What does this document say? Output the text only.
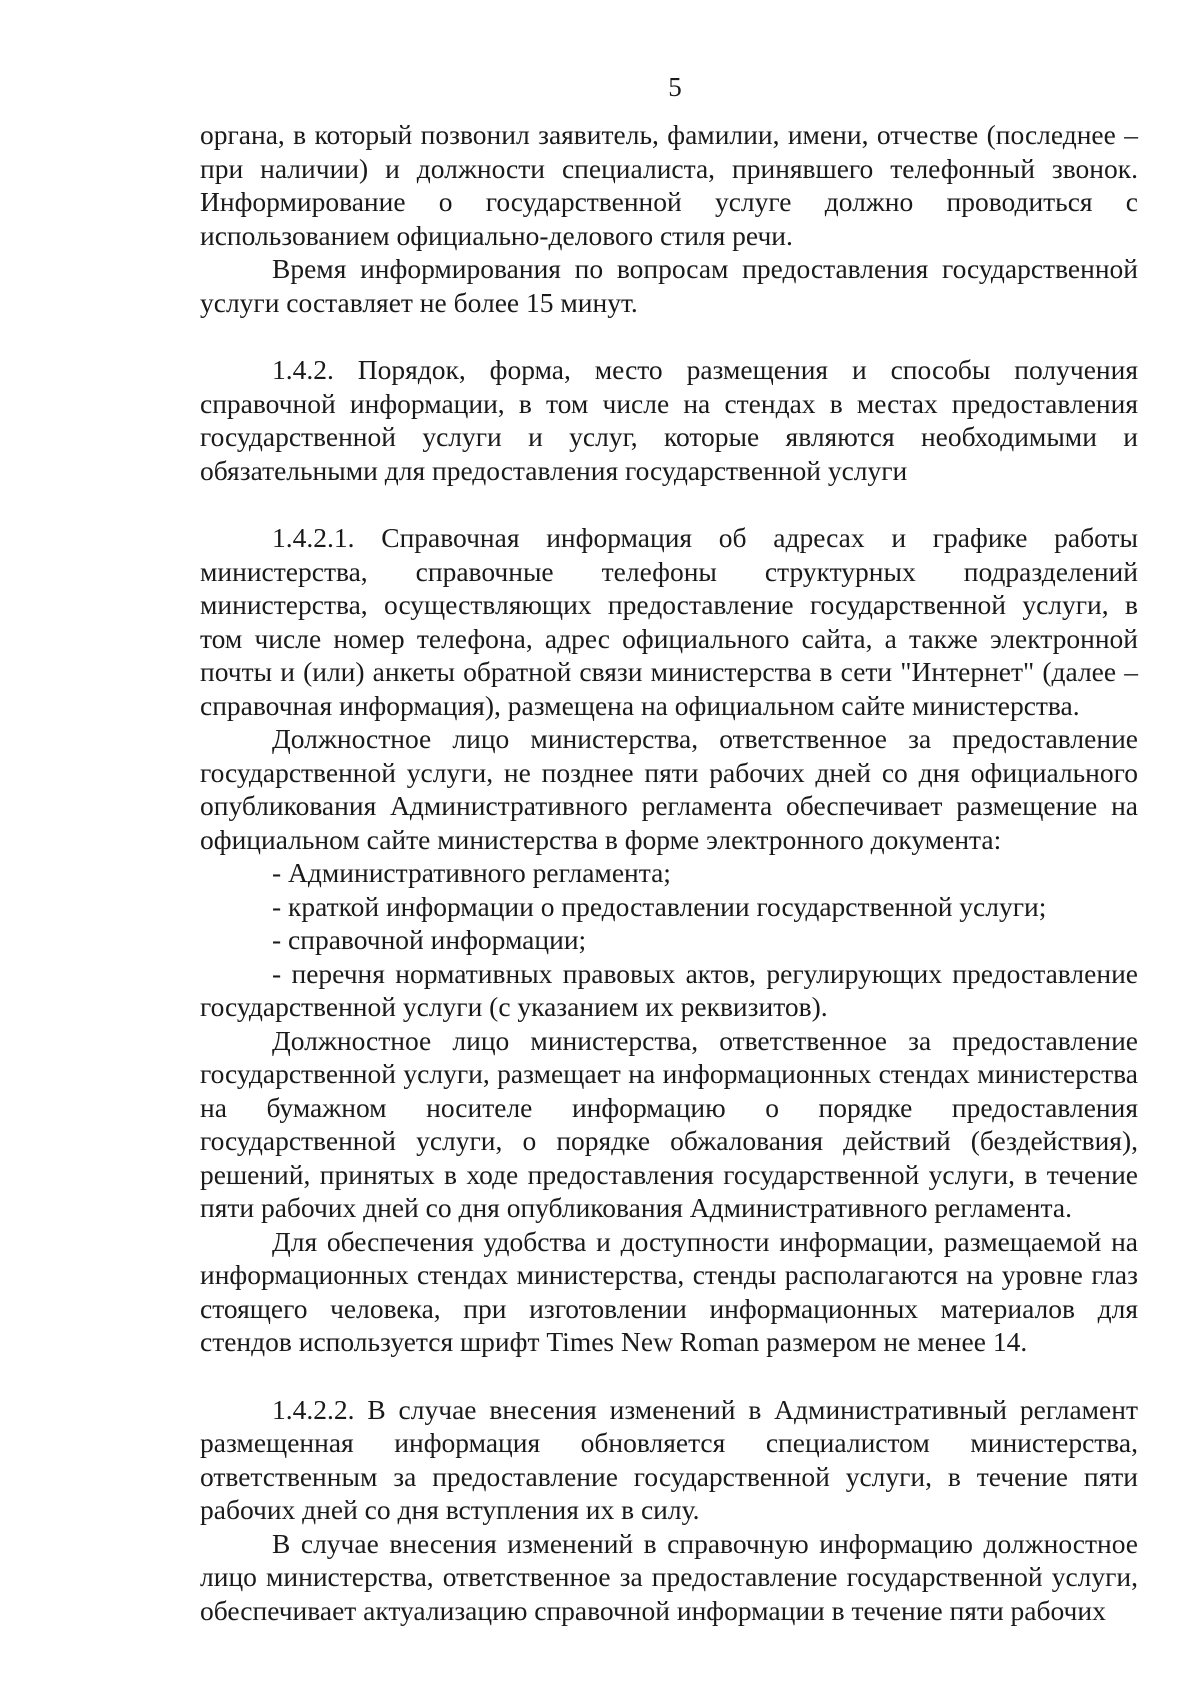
5

органа, в который позвонил заявитель, фамилии, имени, отчестве (последнее – при наличии) и должности специалиста, принявшего телефонный звонок. Информирование о государственной услуге должно проводиться с использованием официально-делового стиля речи.

Время информирования по вопросам предоставления государственной услуги составляет не более 15 минут.

1.4.2. Порядок, форма, место размещения и способы получения справочной информации, в том числе на стендах в местах предоставления государственной услуги и услуг, которые являются необходимыми и обязательными для предоставления государственной услуги

1.4.2.1. Справочная информация об адресах и графике работы министерства, справочные телефоны структурных подразделений министерства, осуществляющих предоставление государственной услуги, в том числе номер телефона, адрес официального сайта, а также электронной почты и (или) анкеты обратной связи министерства в сети "Интернет" (далее – справочная информация), размещена на официальном сайте министерства.

Должностное лицо министерства, ответственное за предоставление государственной услуги, не позднее пяти рабочих дней со дня официального опубликования Административного регламента обеспечивает размещение на официальном сайте министерства в форме электронного документа:

- Административного регламента;

- краткой информации о предоставлении государственной услуги;

- справочной информации;

- перечня нормативных правовых актов, регулирующих предоставление государственной услуги (с указанием их реквизитов).

Должностное лицо министерства, ответственное за предоставление государственной услуги, размещает на информационных стендах министерства на бумажном носителе информацию о порядке предоставления государственной услуги, о порядке обжалования действий (бездействия), решений, принятых в ходе предоставления государственной услуги, в течение пяти рабочих дней со дня опубликования Административного регламента.

Для обеспечения удобства и доступности информации, размещаемой на информационных стендах министерства, стенды располагаются на уровне глаз стоящего человека, при изготовлении информационных материалов для стендов используется шрифт Times New Roman размером не менее 14.

1.4.2.2. В случае внесения изменений в Административный регламент размещенная информация обновляется специалистом министерства, ответственным за предоставление государственной услуги, в течение пяти рабочих дней со дня вступления их в силу.

В случае внесения изменений в справочную информацию должностное лицо министерства, ответственное за предоставление государственной услуги, обеспечивает актуализацию справочной информации в течение пяти рабочих
